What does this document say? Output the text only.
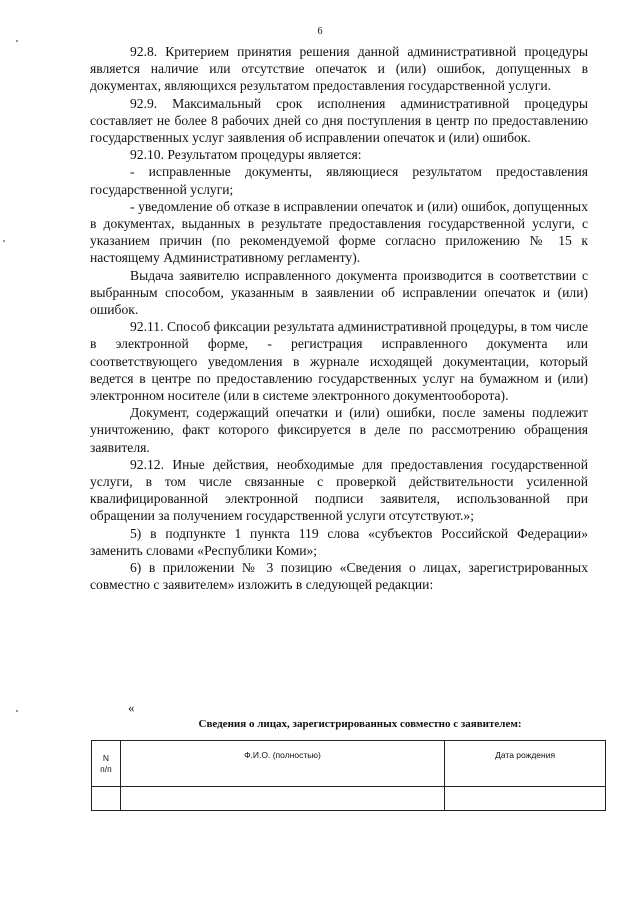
6

92.8. Критерием принятия решения данной административной процедуры является наличие или отсутствие опечаток и (или) ошибок, допущенных в документах, являющихся результатом предоставления государственной услуги.

92.9. Максимальный срок исполнения административной процедуры составляет не более 8 рабочих дней со дня поступления в центр по предоставлению государственных услуг заявления об исправлении опечаток и (или) ошибок.

92.10. Результатом процедуры является:

- исправленные документы, являющиеся результатом предоставления государственной услуги;

- уведомление об отказе в исправлении опечаток и (или) ошибок, допущенных в документах, выданных в результате предоставления государственной услуги, с указанием причин (по рекомендуемой форме согласно приложению № 15 к настоящему Административному регламенту).

Выдача заявителю исправленного документа производится в соответствии с выбранным способом, указанным в заявлении об исправлении опечаток и (или) ошибок.

92.11. Способ фиксации результата административной процедуры, в том числе в электронной форме, - регистрация исправленного документа или соответствующего уведомления в журнале исходящей документации, который ведется в центре по предоставлению государственных услуг на бумажном и (или) электронном носителе (или в системе электронного документооборота).

Документ, содержащий опечатки и (или) ошибки, после замены подлежит уничтожению, факт которого фиксируется в деле по рассмотрению обращения заявителя.

92.12. Иные действия, необходимые для предоставления государственной услуги, в том числе связанные с проверкой действительности усиленной квалифицированной электронной подписи заявителя, использованной при обращении за получением государственной услуги отсутствуют.»;

5) в подпункте 1 пункта 119 слова «субъектов Российской Федерации» заменить словами «Республики Коми»;

6) в приложении № 3 позицию «Сведения о лицах, зарегистрированных совместно с заявителем» изложить в следующей редакции:

«
Сведения о лицах, зарегистрированных совместно с заявителем:
N
п/п	Ф.И.О. (полностью)	Дата рождения
